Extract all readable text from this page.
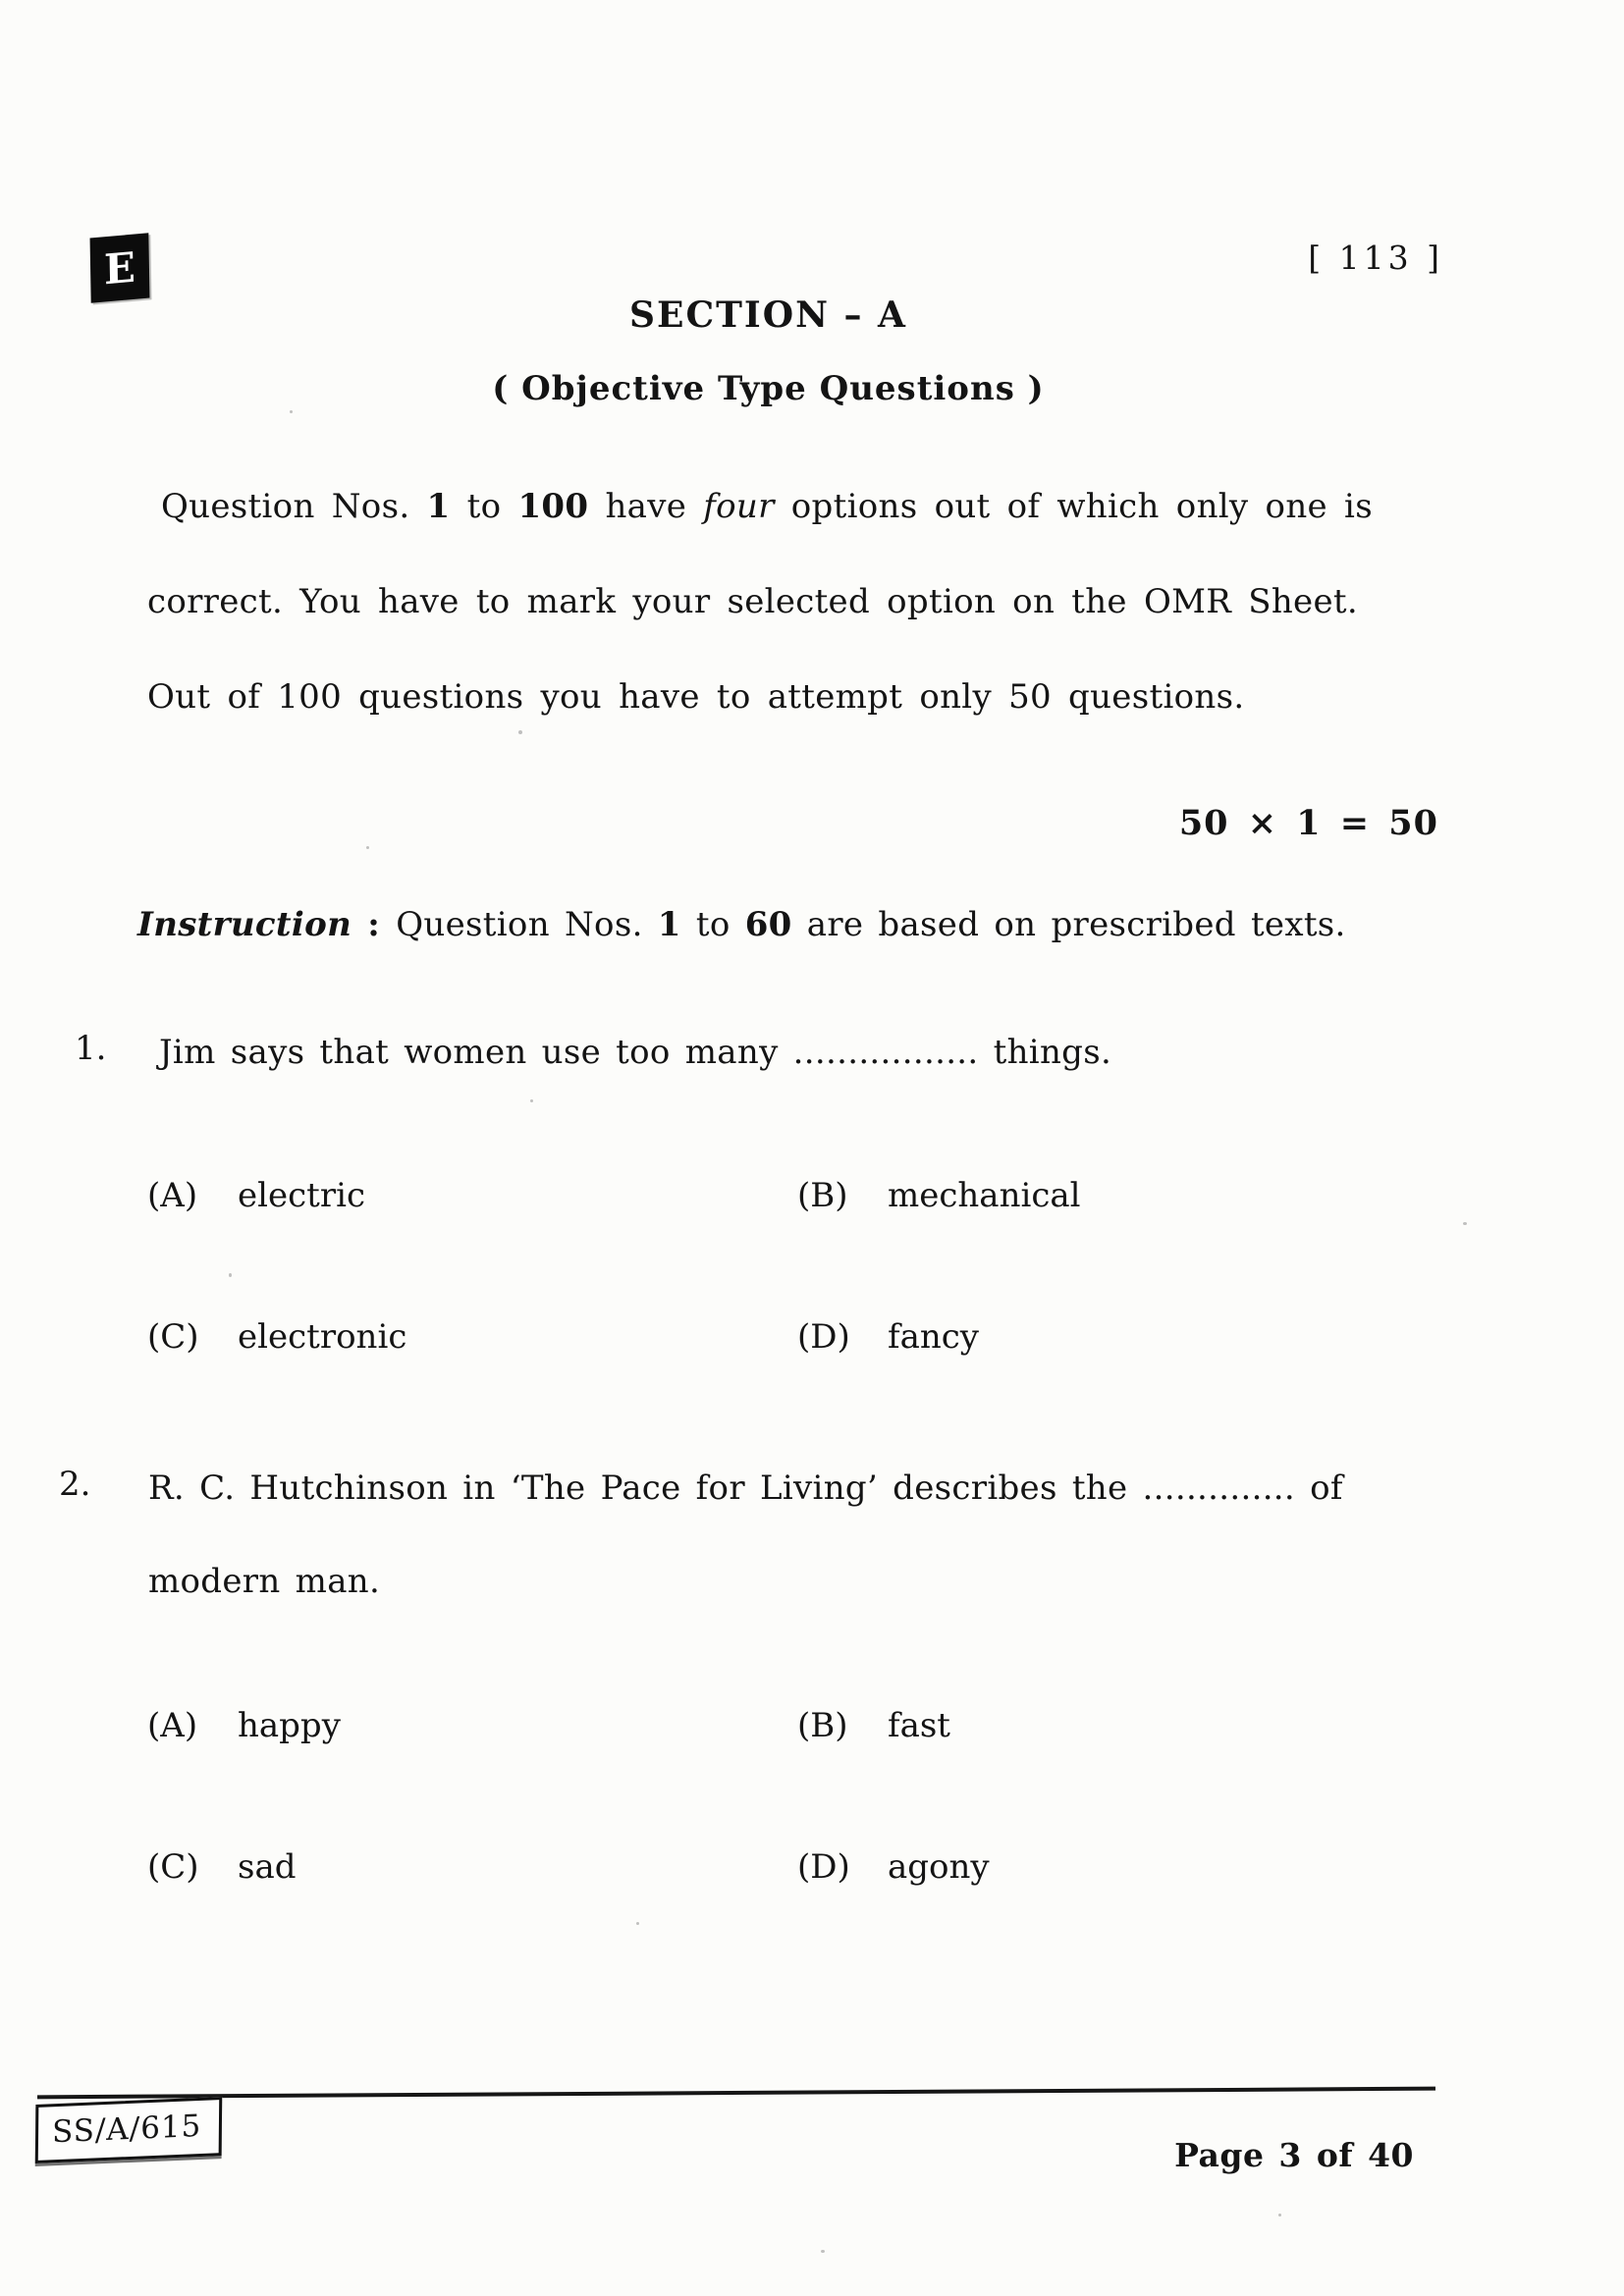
E	[ 113 ]
SECTION – A
( Objective Type Questions )
Question Nos. 1 to 100 have four options out of which only one is
correct. You have to mark your selected option on the OMR Sheet.
Out of 100 questions you have to attempt only 50 questions.
50 × 1 = 50
Instruction : Question Nos. 1 to 60 are based on prescribed texts.
1. Jim says that women use too many ................. things.
(A) electric	(B) mechanical
(C) electronic	(D) fancy
2. R. C. Hutchinson in ‘The Pace for Living’ describes the .............. of
modern man.
(A) happy	(B) fast
(C) sad	(D) agony
SS/A/615
Page 3 of 40
